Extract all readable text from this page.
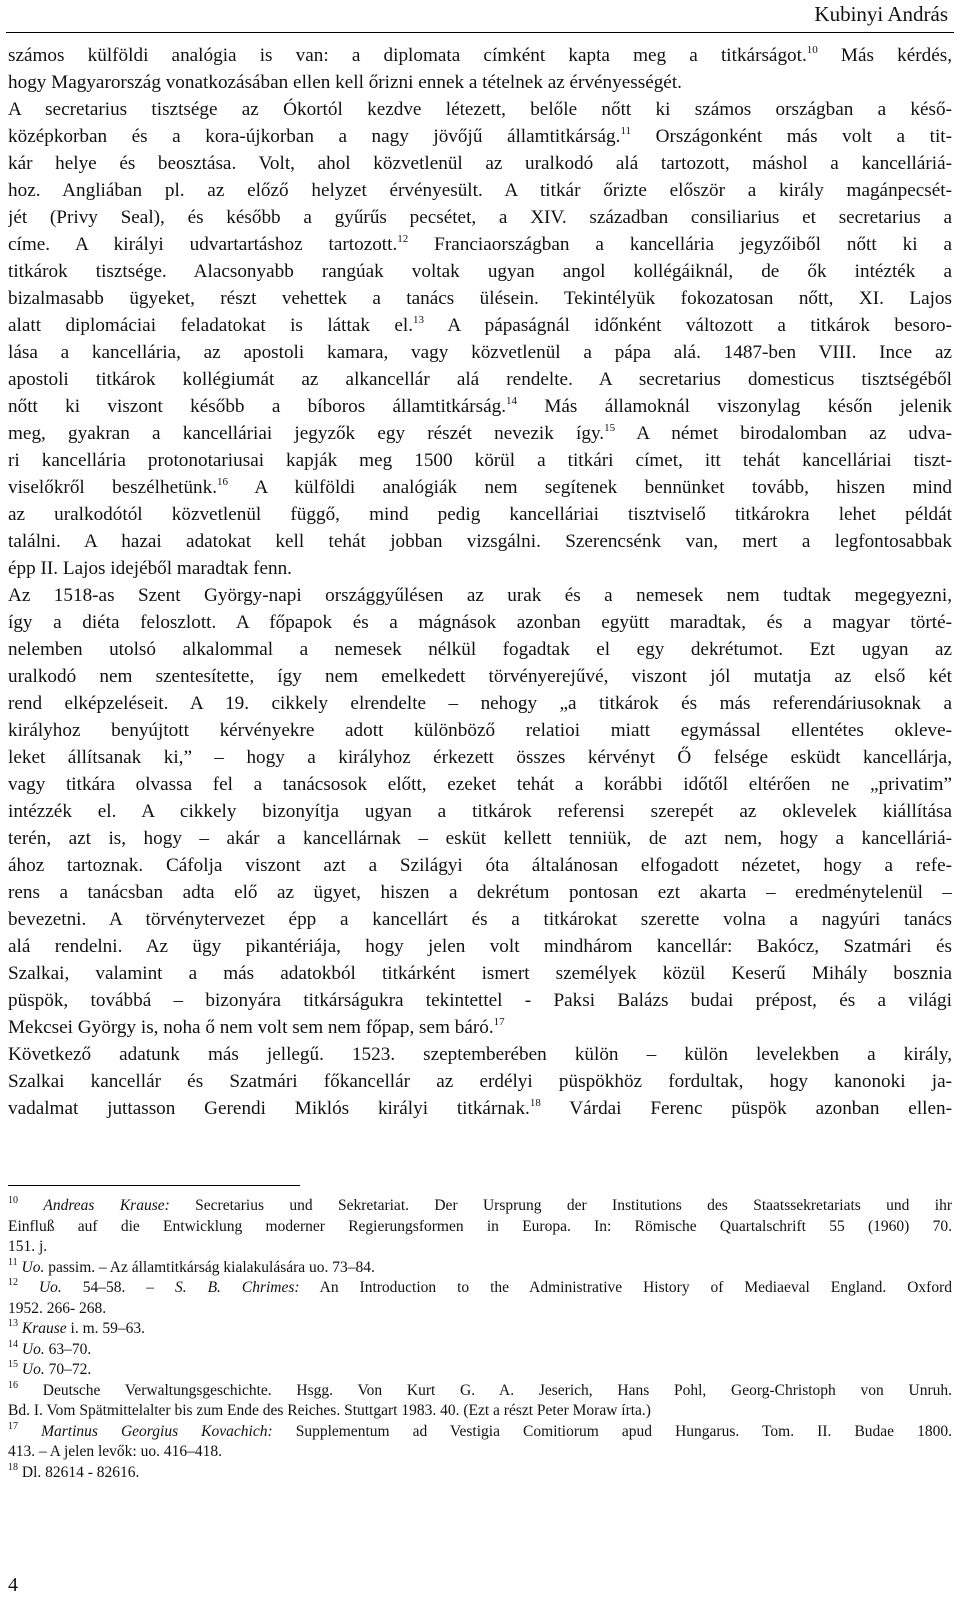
Kubinyi András

számos külföldi analógia is van: a diplomata címként kapta meg a titkárságot.$^{10}$ Más kérdés,

hogy Magyarország vonatkozásában ellen kell őrizni ennek a tételnek az érvényességét.

A secretarius tisztsége az Ókortól kezdve létezett, belőle nőtt ki számos országban a késő-

középkorban és a kora-újkorban a nagy jövőjű államtitkárság.$^{11}$ Országonként más volt a tit-

kár helye és beosztása. Volt, ahol közvetlenül az uralkodó alá tartozott, máshol a kancelláriá-

hoz. Angliában pl. az előző helyzet érvényesült. A titkár őrizte először a király magánpecsét-

jét (Privy Seal), és később a gyűrűs pecsétet, a XIV. században consiliarius et secretarius a

címe. A királyi udvartartáshoz tartozott.$^{12}$ Franciaországban a kancellária jegyzőiből nőtt ki a

titkárok tisztsége. Alacsonyabb rangúak voltak ugyan angol kollégáiknál, de ők intézték a

bizalmasabb ügyeket, részt vehettek a tanács ülésein. Tekintélyük fokozatosan nőtt, XI. Lajos

alatt diplomáciai feladatokat is láttak el.$^{13}$ A pápaságnál időnként változott a titkárok besoro-

lása a kancellária, az apostoli kamara, vagy közvetlenül a pápa alá. 1487-ben VIII. Ince az

apostoli titkárok kollégiumát az alkancellár alá rendelte. A secretarius domesticus tisztségéből

nőtt ki viszont később a bíboros államtitkárság.$^{14}$ Más államoknál viszonylag későn jelenik

meg, gyakran a kancelláriai jegyzők egy részét nevezik így.$^{15}$ A német birodalomban az udva-

ri kancellária protonotariusai kapják meg 1500 körül a titkári címet, itt tehát kancelláriai tiszt-

viselőkről beszélhetünk.$^{16}$ A külföldi analógiák nem segítenek bennünket tovább, hiszen mind

az uralkodótól közvetlenül függő, mind pedig kancelláriai tisztviselő titkárokra lehet példát

találni. A hazai adatokat kell tehát jobban vizsgálni. Szerencsénk van, mert a legfontosabbak

épp II. Lajos idejéből maradtak fenn.

Az 1518-as Szent György-napi országgyűlésen az urak és a nemesek nem tudtak megegyezni,

így a diéta feloszlott. A főpapok és a mágnások azonban együtt maradtak, és a magyar törté-

nelemben utolsó alkalommal a nemesek nélkül fogadtak el egy dekrétumot. Ezt ugyan az

uralkodó nem szentesítette, így nem emelkedett törvényerejűvé, viszont jól mutatja az első két

rend elképzeléseit. A 19. cikkely elrendelte – nehogy „a titkárok és más referendáriusoknak a

királyhoz benyújtott kérvényekre adott különböző relatioi miatt egymással ellentétes okleve-

leket állítsanak ki,” – hogy a királyhoz érkezett összes kérvényt Ő felsége esküdt kancellárja,

vagy titkára olvassa fel a tanácsosok előtt, ezeket tehát a korábbi időtől eltérően ne „privatim”

intézzék el. A cikkely bizonyítja ugyan a titkárok referensi szerepét az oklevelek kiállítása

terén, azt is, hogy – akár a kancellárnak – esküt kellett tenniük, de azt nem, hogy a kancelláriá-

ához tartoznak. Cáfolja viszont azt a Szilágyi óta általánosan elfogadott nézetet, hogy a refe-

rens a tanácsban adta elő az ügyet, hiszen a dekrétum pontosan ezt akarta – eredménytelenül –

bevezetni. A törvénytervezet épp a kancellárt és a titkárokat szerette volna a nagyúri tanács

alá rendelni. Az ügy pikantériája, hogy jelen volt mindhárom kancellár: Bakócz, Szatmári és

Szalkai, valamint a más adatokból titkárként ismert személyek közül Keserű Mihály bosznia

püspök, továbbá – bizonyára titkárságukra tekintettel - Paksi Balázs budai prépost, és a világi

Mekcsei György is, noha ő nem volt sem nem főpap, sem báró.$^{17}$

Következő adatunk más jellegű. 1523. szeptemberében külön – külön levelekben a király,

Szalkai kancellár és Szatmári főkancellár az erdélyi püspökhöz fordultak, hogy kanonoki ja-

vadalmat juttasson Gerendi Miklós királyi titkárnak.$^{18}$ Várdai Ferenc püspök azonban ellen-

$^{10}$ Andreas Krause: Secretarius und Sekretariat. Der Ursprung der Institutions des Staatssekretariats und ihr

Einfluß auf die Entwicklung moderner Regierungsformen in Europa. In: Römische Quartalschrift 55 (1960) 70.

151. j.

$^{11}$ Uo. passim. – Az államtitkárság kialakulására uo. 73–84.

$^{12}$ Uo. 54–58. – S. B. Chrimes: An Introduction to the Administrative History of Mediaeval England. Oxford

1952. 266- 268.

$^{13}$ Krause i. m. 59–63.

$^{14}$ Uo. 63–70.

$^{15}$ Uo. 70–72.

$^{16}$ Deutsche Verwaltungsgeschichte. Hsgg. Von Kurt G. A. Jeserich, Hans Pohl, Georg-Christoph von Unruh.

Bd. I. Vom Spätmittelalter bis zum Ende des Reiches. Stuttgart 1983. 40. (Ezt a részt Peter Moraw írta.)

$^{17}$ Martinus Georgius Kovachich: Supplementum ad Vestigia Comitiorum apud Hungarus. Tom. II. Budae 1800.

413. – A jelen levők: uo. 416–418.

$^{18}$ Dl. 82614 - 82616.

4
